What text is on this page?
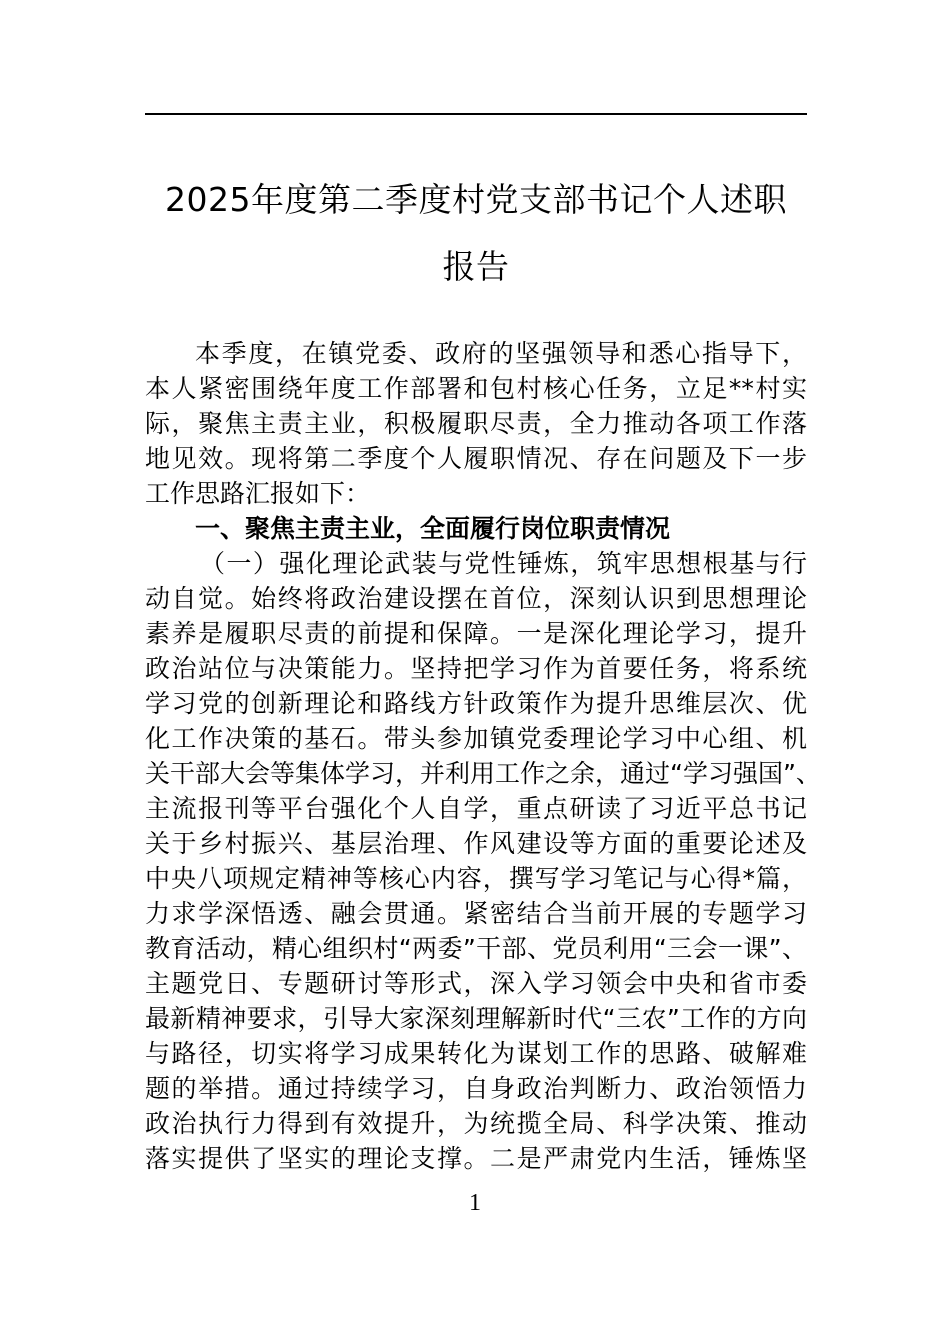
2025年度第二季度村党支部书记个人述职
报告
本季度，在镇党委、政府的坚强领导和悉心指导下，
本人紧密围绕年度工作部署和包村核心任务，立足**村实
际，聚焦主责主业，积极履职尽责，全力推动各项工作落
地见效。现将第二季度个人履职情况、存在问题及下一步
工作思路汇报如下：
一、聚焦主责主业，全面履行岗位职责情况
（一）强化理论武装与党性锤炼，筑牢思想根基与行
动自觉。始终将政治建设摆在首位，深刻认识到思想理论
素养是履职尽责的前提和保障。一是深化理论学习，提升
政治站位与决策能力。坚持把学习作为首要任务，将系统
学习党的创新理论和路线方针政策作为提升思维层次、优
化工作决策的基石。带头参加镇党委理论学习中心组、机
关干部大会等集体学习，并利用工作之余，通过“学习强国”、
主流报刊等平台强化个人自学，重点研读了习近平总书记
关于乡村振兴、基层治理、作风建设等方面的重要论述及
中央八项规定精神等核心内容，撰写学习笔记与心得*篇，
力求学深悟透、融会贯通。紧密结合当前开展的专题学习
教育活动，精心组织村“两委”干部、党员利用“三会一课”、
主题党日、专题研讨等形式，深入学习领会中央和省市委
最新精神要求，引导大家深刻理解新时代“三农”工作的方向
与路径，切实将学习成果转化为谋划工作的思路、破解难
题的举措。通过持续学习，自身政治判断力、政治领悟力
政治执行力得到有效提升，为统揽全局、科学决策、推动
落实提供了坚实的理论支撑。二是严肃党内生活，锤炼坚
1
